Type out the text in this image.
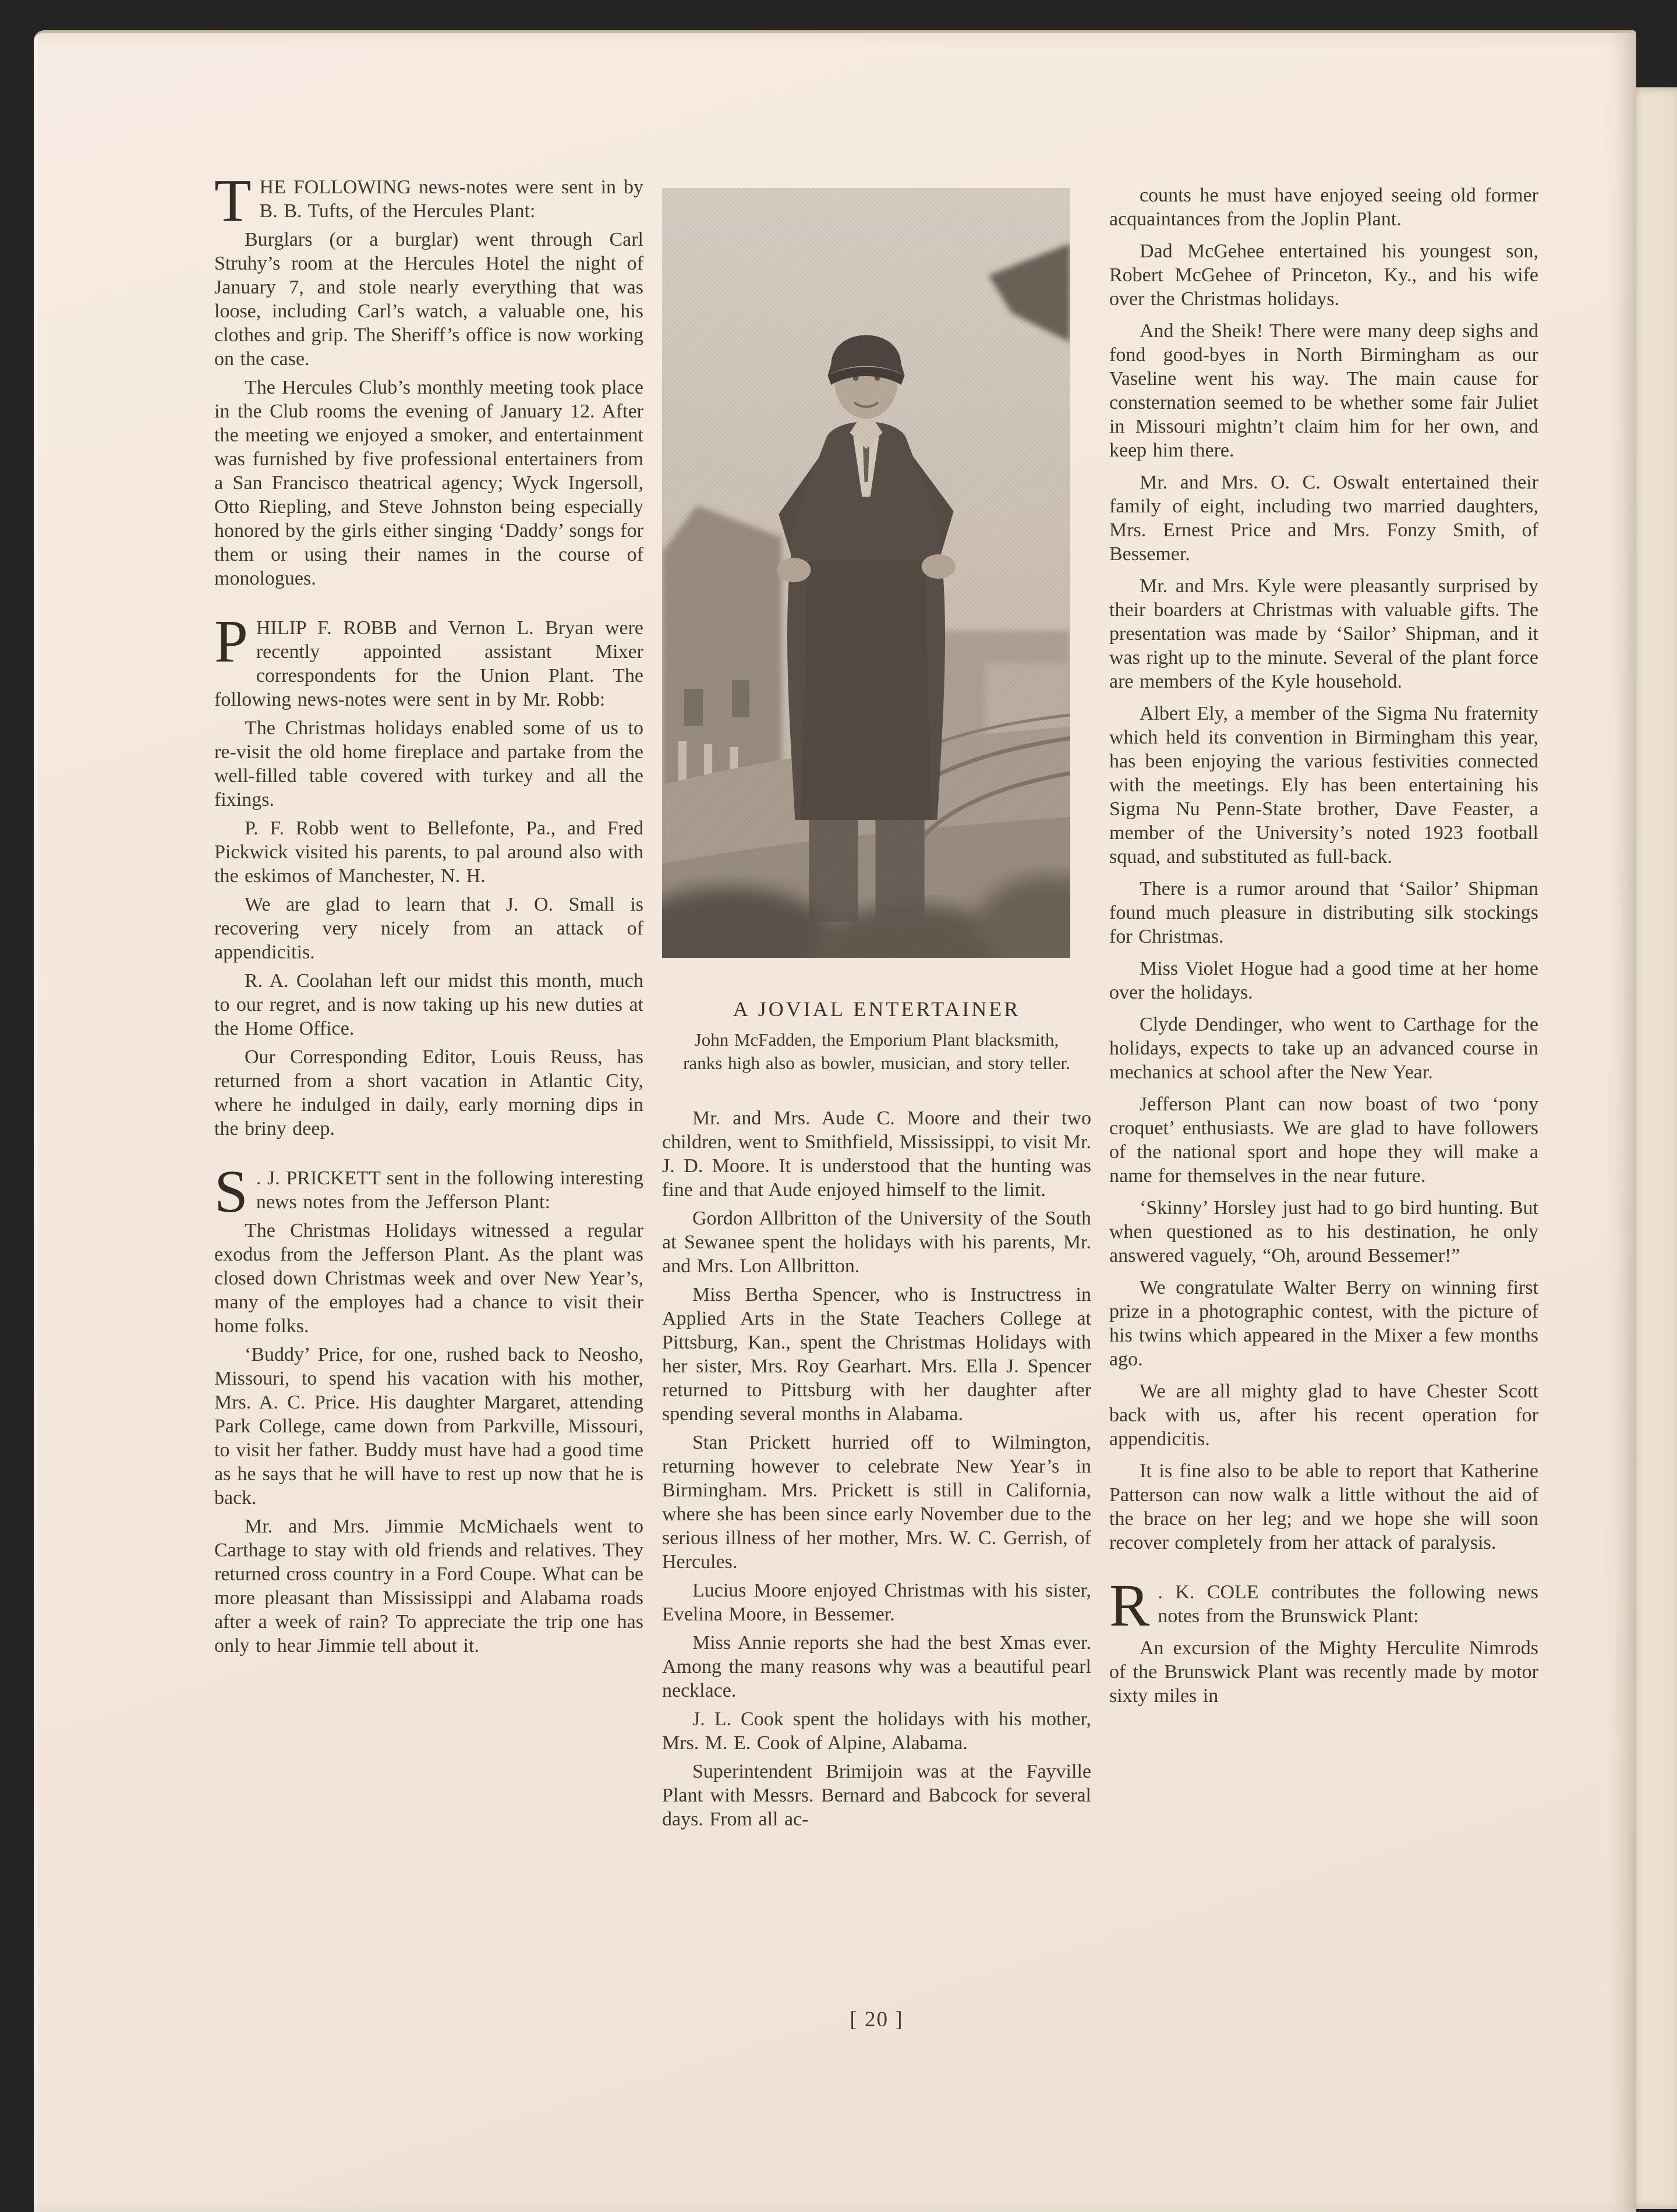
THE FOLLOWING news-notes were sent in by B. B. Tufts, of the Hercules Plant:

Burglars (or a burglar) went through Carl Struhy’s room at the Hercules Hotel the night of January 7, and stole nearly everything that was loose, including Carl’s watch, a valuable one, his clothes and grip. The Sheriff’s office is now working on the case.

The Hercules Club’s monthly meeting took place in the Club rooms the evening of January 12. After the meeting we enjoyed a smoker, and entertainment was furnished by five professional entertainers from a San Francisco theatrical agency; Wyck Ingersoll, Otto Riepling, and Steve Johnston being especially honored by the girls either singing ‘Daddy’ songs for them or using their names in the course of monologues.

PHILIP F. ROBB and Vernon L. Bryan were recently appointed assistant Mixer correspondents for the Union Plant. The following news-notes were sent in by Mr. Robb:

The Christmas holidays enabled some of us to re-visit the old home fireplace and partake from the well-filled table covered with turkey and all the fixings.

P. F. Robb went to Bellefonte, Pa., and Fred Pickwick visited his parents, to pal around also with the eskimos of Manchester, N. H.

We are glad to learn that J. O. Small is recovering very nicely from an attack of appendicitis.

R. A. Coolahan left our midst this month, much to our regret, and is now taking up his new duties at the Home Office.

Our Corresponding Editor, Louis Reuss, has returned from a short vacation in Atlantic City, where he indulged in daily, early morning dips in the briny deep.

S . J. PRICKETT sent in the following interesting news notes from the Jefferson Plant:

The Christmas Holidays witnessed a regular exodus from the Jefferson Plant. As the plant was closed down Christmas week and over New Year’s, many of the employes had a chance to visit their home folks.

‘Buddy’ Price, for one, rushed back to Neosho, Missouri, to spend his vacation with his mother, Mrs. A. C. Price. His daughter Margaret, attending Park College, came down from Parkville, Missouri, to visit her father. Buddy must have had a good time as he says that he will have to rest up now that he is back.

Mr. and Mrs. Jimmie McMichaels went to Carthage to stay with old friends and relatives. They returned cross country in a Ford Coupe. What can be more pleasant than Mississippi and Alabama roads after a week of rain? To appreciate the trip one has only to hear Jimmie tell about it.

A JOVIAL ENTERTAINER
John McFadden, the Emporium Plant blacksmith, ranks high also as bowler, musician, and story teller.

Mr. and Mrs. Aude C. Moore and their two children, went to Smithfield, Mississippi, to visit Mr. J. D. Moore. It is understood that the hunting was fine and that Aude enjoyed himself to the limit.

Gordon Allbritton of the University of the South at Sewanee spent the holidays with his parents, Mr. and Mrs. Lon Allbritton.

Miss Bertha Spencer, who is Instructress in Applied Arts in the State Teachers College at Pittsburg, Kan., spent the Christmas Holidays with her sister, Mrs. Roy Gearhart. Mrs. Ella J. Spencer returned to Pittsburg with her daughter after spending several months in Alabama.

Stan Prickett hurried off to Wilmington, returning however to celebrate New Year’s in Birmingham. Mrs. Prickett is still in California, where she has been since early November due to the serious illness of her mother, Mrs. W. C. Gerrish, of Hercules.

Lucius Moore enjoyed Christmas with his sister, Evelina Moore, in Bessemer.

Miss Annie reports she had the best Xmas ever. Among the many reasons why was a beautiful pearl necklace.

J. L. Cook spent the holidays with his mother, Mrs. M. E. Cook of Alpine, Alabama.

Superintendent Brimijoin was at the Fayville Plant with Messrs. Bernard and Babcock for several days. From all ac-

counts he must have enjoyed seeing old former acquaintances from the Joplin Plant.

Dad McGehee entertained his youngest son, Robert McGehee of Princeton, Ky., and his wife over the Christmas holidays.

And the Sheik! There were many deep sighs and fond good-byes in North Birmingham as our Vaseline went his way. The main cause for consternation seemed to be whether some fair Juliet in Missouri mightn’t claim him for her own, and keep him there.

Mr. and Mrs. O. C. Oswalt entertained their family of eight, including two married daughters, Mrs. Ernest Price and Mrs. Fonzy Smith, of Bessemer.

Mr. and Mrs. Kyle were pleasantly surprised by their boarders at Christmas with valuable gifts. The presentation was made by ‘Sailor’ Shipman, and it was right up to the minute. Several of the plant force are members of the Kyle household.

Albert Ely, a member of the Sigma Nu fraternity which held its convention in Birmingham this year, has been enjoying the various festivities connected with the meetings. Ely has been entertaining his Sigma Nu Penn-State brother, Dave Feaster, a member of the University’s noted 1923 football squad, and substituted as full-back.

There is a rumor around that ‘Sailor’ Shipman found much pleasure in distributing silk stockings for Christmas.

Miss Violet Hogue had a good time at her home over the holidays.

Clyde Dendinger, who went to Carthage for the holidays, expects to take up an advanced course in mechanics at school after the New Year.

Jefferson Plant can now boast of two ‘pony croquet’ enthusiasts. We are glad to have followers of the national sport and hope they will make a name for themselves in the near future.

‘Skinny’ Horsley just had to go bird hunting. But when questioned as to his destination, he only answered vaguely, “Oh, around Bessemer!”

We congratulate Walter Berry on winning first prize in a photographic contest, with the picture of his twins which appeared in the Mixer a few months ago.

We are all mighty glad to have Chester Scott back with us, after his recent operation for appendicitis.

It is fine also to be able to report that Katherine Patterson can now walk a little without the aid of the brace on her leg; and we hope she will soon recover completely from her attack of paralysis.

R . K. COLE contributes the following news notes from the Brunswick Plant:

An excursion of the Mighty Herculite Nimrods of the Brunswick Plant was recently made by motor sixty miles in

[ 20 ]
